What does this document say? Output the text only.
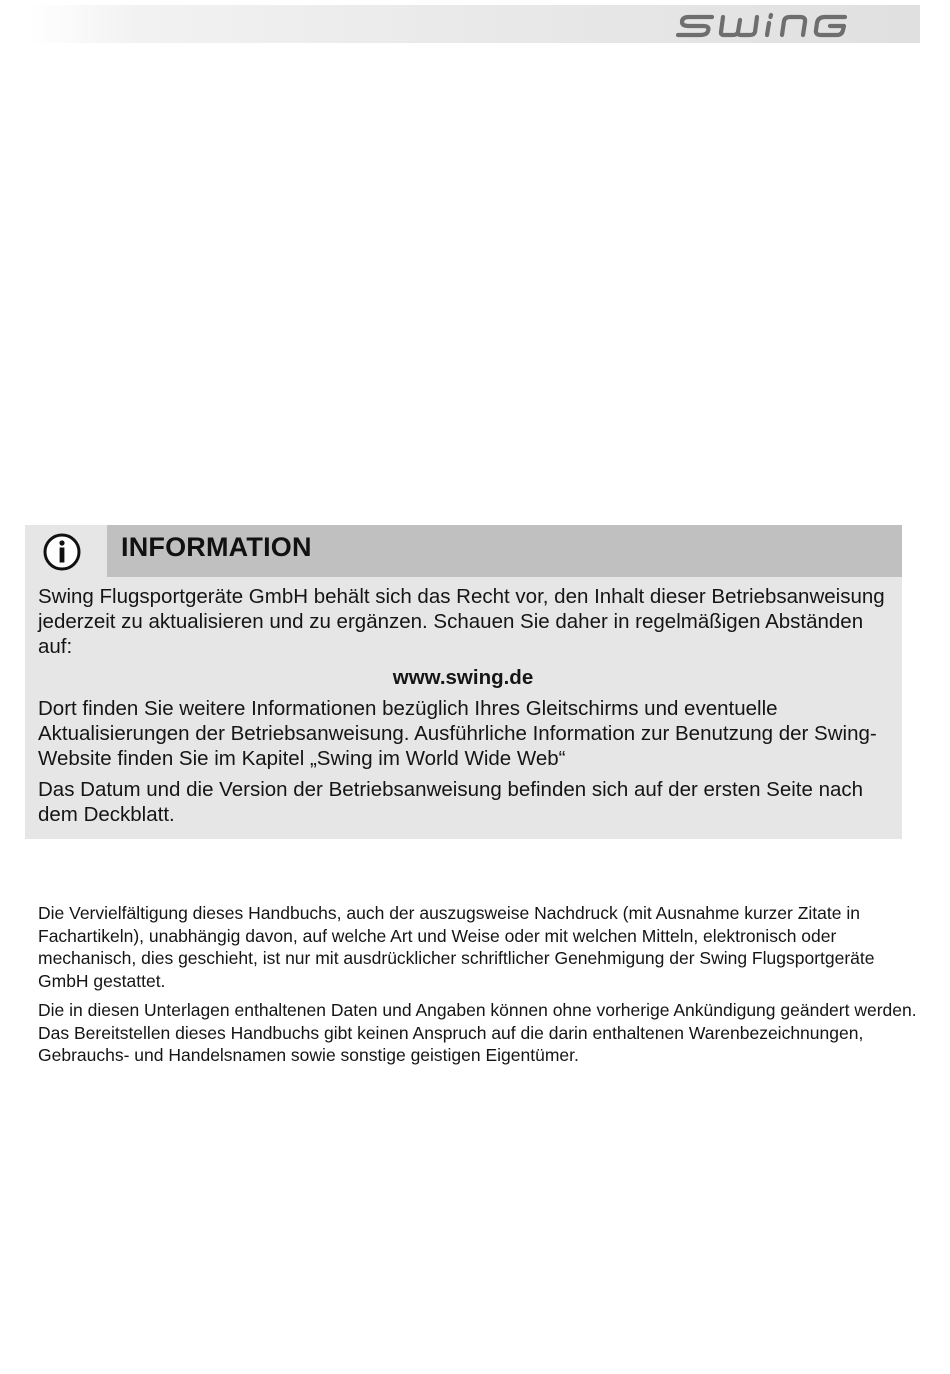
INFORMATION

Swing Flugsportgeräte GmbH behält sich das Recht vor, den Inhalt dieser Betriebsanweisung jederzeit zu aktualisieren und zu ergänzen. Schauen Sie daher in regelmäßigen Abständen auf:

www.swing.de

Dort finden Sie weitere Informationen bezüglich Ihres Gleitschirms und eventuelle Aktualisierungen der Betriebsanweisung. Ausführliche Information zur Benutzung der Swing-Website finden Sie im Kapitel „Swing im World Wide Web“

Das Datum und die Version der Betriebsanweisung befinden sich auf der ersten Seite nach dem Deckblatt.

Die Vervielfältigung dieses Handbuchs, auch der auszugsweise Nachdruck (mit Ausnahme kurzer Zitate in Fachartikeln), unabhängig davon, auf welche Art und Weise oder mit welchen Mitteln, elektronisch oder mechanisch, dies geschieht, ist nur mit ausdrücklicher schriftlicher Genehmigung der Swing Flugsportgeräte GmbH gestattet.

Die in diesen Unterlagen enthaltenen Daten und Angaben können ohne vorherige Ankündigung geändert werden. Das Bereitstellen dieses Handbuchs gibt keinen Anspruch auf die darin enthaltenen Warenbezeichnungen, Gebrauchs- und Handelsnamen sowie sonstige geistigen Eigentümer.
